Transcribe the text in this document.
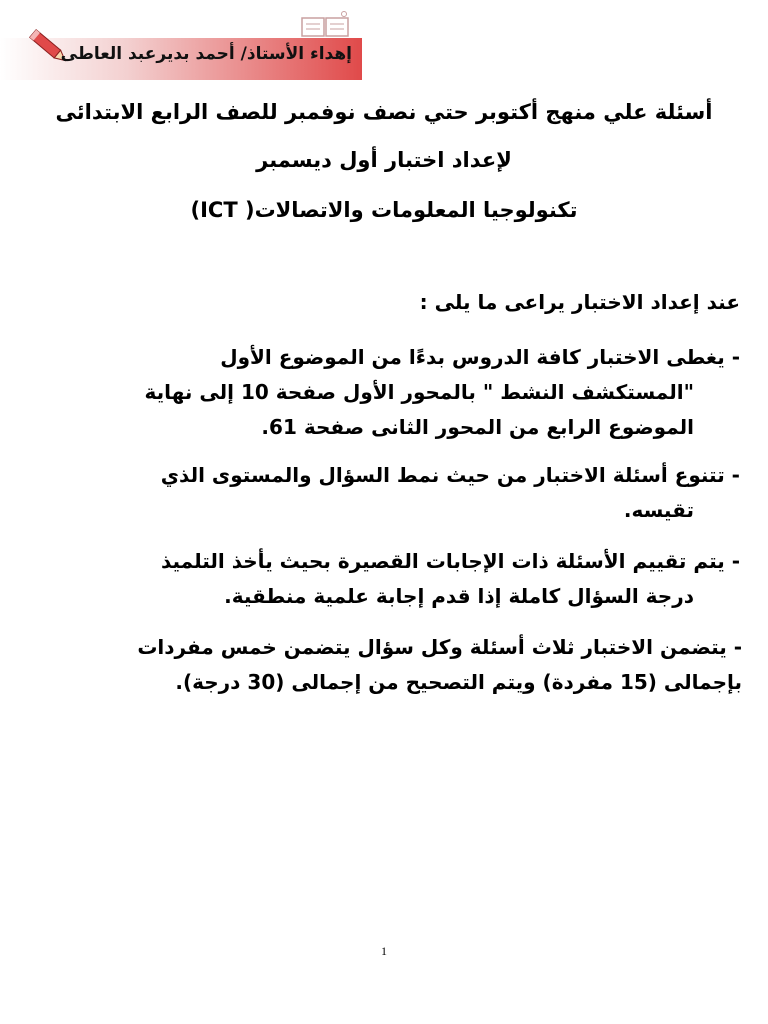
إهداء الأستاذ/ أحمد بديرعبد العاطى
أسئلة علي منهج أكتوبر حتي نصف نوفمبر للصف الرابع الابتدائى
لإعداد اختبار أول ديسمبر
تكنولوجيا المعلومات والاتصالات( ICT)
عند إعداد الاختبار يراعى ما يلى :
- يغطى الاختبار كافة الدروس بدءًا من الموضوع الأول
"المستكشف النشط " بالمحور الأول صفحة 10 إلى نهاية
الموضوع الرابع من المحور الثانى صفحة 61.
- تتنوع أسئلة الاختبار من حيث نمط السؤال والمستوى الذي
تقيسه.
- يتم تقييم الأسئلة ذات الإجابات القصيرة بحيث يأخذ التلميذ
درجة السؤال كاملة إذا قدم إجابة علمية منطقية.
- يتضمن الاختبار ثلاث أسئلة وكل سؤال يتضمن خمس مفردات
بإجمالى (15 مفردة) ويتم التصحيح من إجمالى (30 درجة).
1
